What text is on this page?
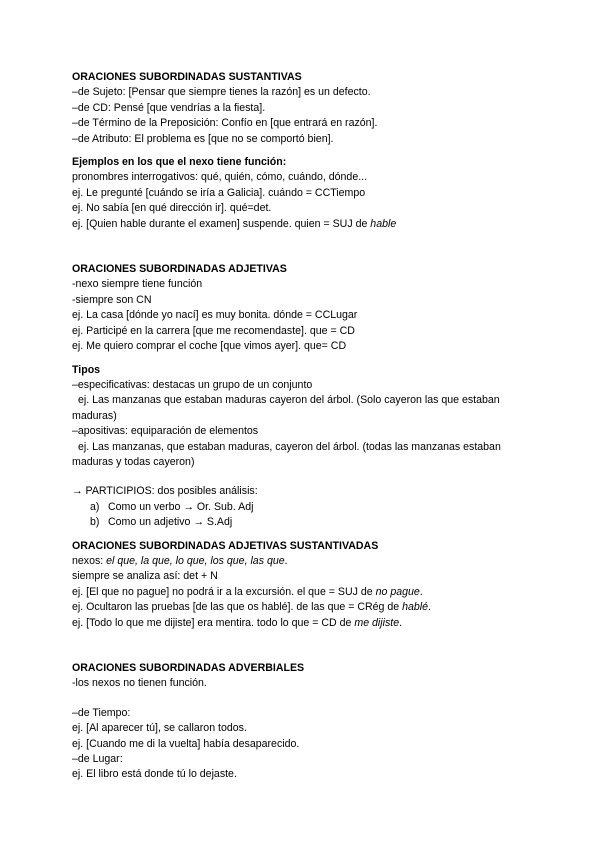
ORACIONES SUBORDINADAS SUSTANTIVAS
–de Sujeto: [Pensar que siempre tienes la razón] es un defecto.
–de CD: Pensé [que vendrías a la fiesta].
–de Término de la Preposición: Confío en [que entrará en razón].
–de Atributo: El problema es [que no se comportó bien].
Ejemplos en los que el nexo tiene función:
pronombres interrogativos: qué, quién, cómo, cuándo, dónde...
ej. Le pregunté [cuándo se iría a Galicia]. cuándo = CCTiempo
ej. No sabía [en qué dirección ir]. qué=det.
ej. [Quien hable durante el examen] suspende. quien = SUJ de hable
ORACIONES SUBORDINADAS ADJETIVAS
-nexo siempre tiene función
-siempre son CN
ej. La casa [dónde yo nací] es muy bonita. dónde = CCLugar
ej. Participé en la carrera [que me recomendaste]. que = CD
ej. Me quiero comprar el coche [que vimos ayer]. que= CD
Tipos
–especificativas: destacas un grupo de un conjunto
ej. Las manzanas que estaban maduras cayeron del árbol. (Solo cayeron las que estaban
maduras)
–apositivas: equiparación de elementos
ej. Las manzanas, que estaban maduras, cayeron del árbol. (todas las manzanas estaban
maduras y todas cayeron)
→ PARTICIPIOS: dos posibles análisis:
a) Como un verbo → Or. Sub. Adj
b) Como un adjetivo → S.Adj
ORACIONES SUBORDINADAS ADJETIVAS SUSTANTIVADAS
nexos: el que, la que, lo que, los que, las que.
siempre se analiza así: det + N
ej. [El que no pague] no podrá ir a la excursión. el que = SUJ de no pague.
ej. Ocultaron las pruebas [de las que os hablé]. de las que = CRég de hablé.
ej. [Todo lo que me dijiste] era mentira. todo lo que = CD de me dijiste.
ORACIONES SUBORDINADAS ADVERBIALES
-los nexos no tienen función.
–de Tiempo:
ej. [Al aparecer tú], se callaron todos.
ej. [Cuando me di la vuelta] había desaparecido.
–de Lugar:
ej. El libro está donde tú lo dejaste.
